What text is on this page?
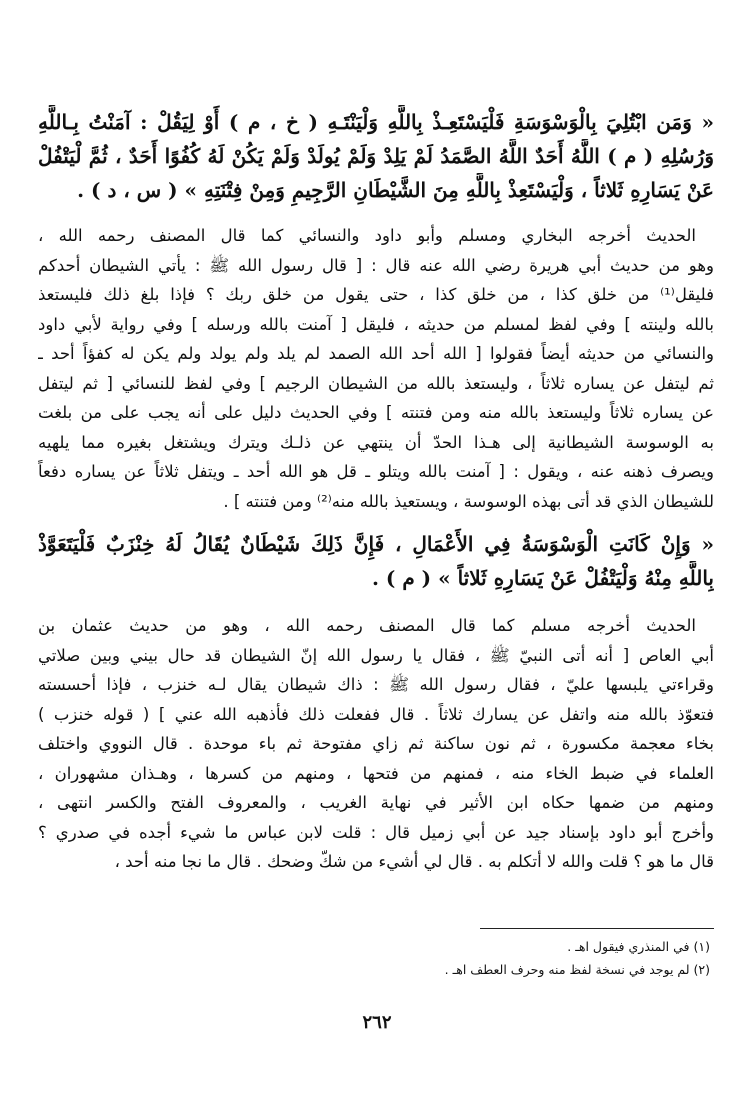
« وَمَن ابْتُلِيَ بِالْوَسْوَسَةِ فَلْيَسْتَعِـذْ بِاللَّهِ وَلْيَنْتَـهِ ( خ ، م ) أَوْ لِيَقُلْ : آمَنْتُ بِـاللَّهِ
وَرُسُلِهِ ( م ) اللَّهُ أَحَدٌ اللَّهُ الصَّمَدُ لَمْ يَلِدْ وَلَمْ يُولَدْ وَلَمْ يَكُنْ لَهُ كُفُوًا أَحَدٌ ، ثُمَّ لْيَتْفُلْ
عَنْ يَسَارِهِ ثَلاثاً ، وَلْيَسْتَعِذْ بِاللَّهِ مِنَ الشَّيْطَانِ الرَّجِيمِ وَمِنْ فِتْنَتِهِ » ( س ، د ) .
الحديث أخرجه البخاري ومسلم وأبو داود والنسائي كما قال المصنف رحمه الله ،
وهو من حديث أبي هريرة رضي الله عنه قال : [ قال رسول الله ﷺ : يأتي الشيطان أحدكم
فليقل⁽¹⁾ من خلق كذا ، من خلق كذا ، حتى يقول من خلق ربك ؟ فإذا بلغ ذلك فليستعذ
بالله ولينته ] وفي لفظ لمسلم من حديثه ، فليقل [ آمنت بالله ورسله ] وفي رواية لأبي داود
والنسائي من حديثه أيضاً فقولوا [ الله أحد الله الصمد لم يلد ولم يولد ولم يكن له كفؤاً أحد ـ
ثم ليتفل عن يساره ثلاثاً ، وليستعذ بالله من الشيطان الرجيم ] وفي لفظ للنسائي [ ثم ليتفل
عن يساره ثلاثاً وليستعذ بالله منه ومن فتنته ] وفي الحديث دليل على أنه يجب على من بلغت
به الوسوسة الشيطانية إلى هـذا الحدّ أن ينتهي عن ذلـك ويترك ويشتغل بغيره مما يلهيه
ويصرف ذهنه عنه ، ويقول : [ آمنت بالله ويتلو ـ قل هو الله أحد ـ ويتفل ثلاثاً عن يساره دفعاً
للشيطان الذي قد أتى بهذه الوسوسة ، ويستعيذ بالله منه⁽²⁾ ومن فتنته ] .
« وَإِنْ كَانَتِ الْوَسْوَسَةُ فِي الأَعْمَالِ ، فَإِنَّ ذَلِكَ شَيْطَانٌ يُقَالُ لَهُ خِنْزَبٌ فَلْيَتَعَوَّذْ
بِاللَّهِ مِنْهُ وَلْيَتْفُلْ عَنْ يَسَارِهِ ثَلاثاً » ( م ) .
الحديث أخرجه مسلم كما قال المصنف رحمه الله ، وهو من حديث عثمان بن
أبي العاص [ أنه أتى النبيّ ﷺ ، فقال يا رسول الله إنّ الشيطان قد حال بيني وبين صلاتي
وقراءتي يلبسها عليّ ، فقال رسول الله ﷺ : ذاك شيطان يقال لـه خنزب ، فإذا أحسسته
فتعوّذ بالله منه واتفل عن يسارك ثلاثاً . قال ففعلت ذلك فأذهبه الله عني ] ( قوله خنزب )
بخاء معجمة مكسورة ، ثم نون ساكنة ثم زاي مفتوحة ثم باء موحدة . قال النووي واختلف
العلماء في ضبط الخاء منه ، فمنهم من فتحها ، ومنهم من كسرها ، وهـذان مشهوران ،
ومنهم من ضمها حكاه ابن الأثير في نهاية الغريب ، والمعروف الفتح والكسر انتهى ،
وأخرج أبو داود بإسناد جيد عن أبي زميل قال : قلت لابن عباس ما شيء أجده في صدري ؟
قال ما هو ؟ قلت والله لا أتكلم به . قال لي أشيء من شكّ وضحك . قال ما نجا منه أحد ،
(١) في المنذري فيقول اهـ .
(٢) لم يوجد في نسخة لفظ منه وحرف العطف اهـ .
٢٦٢
